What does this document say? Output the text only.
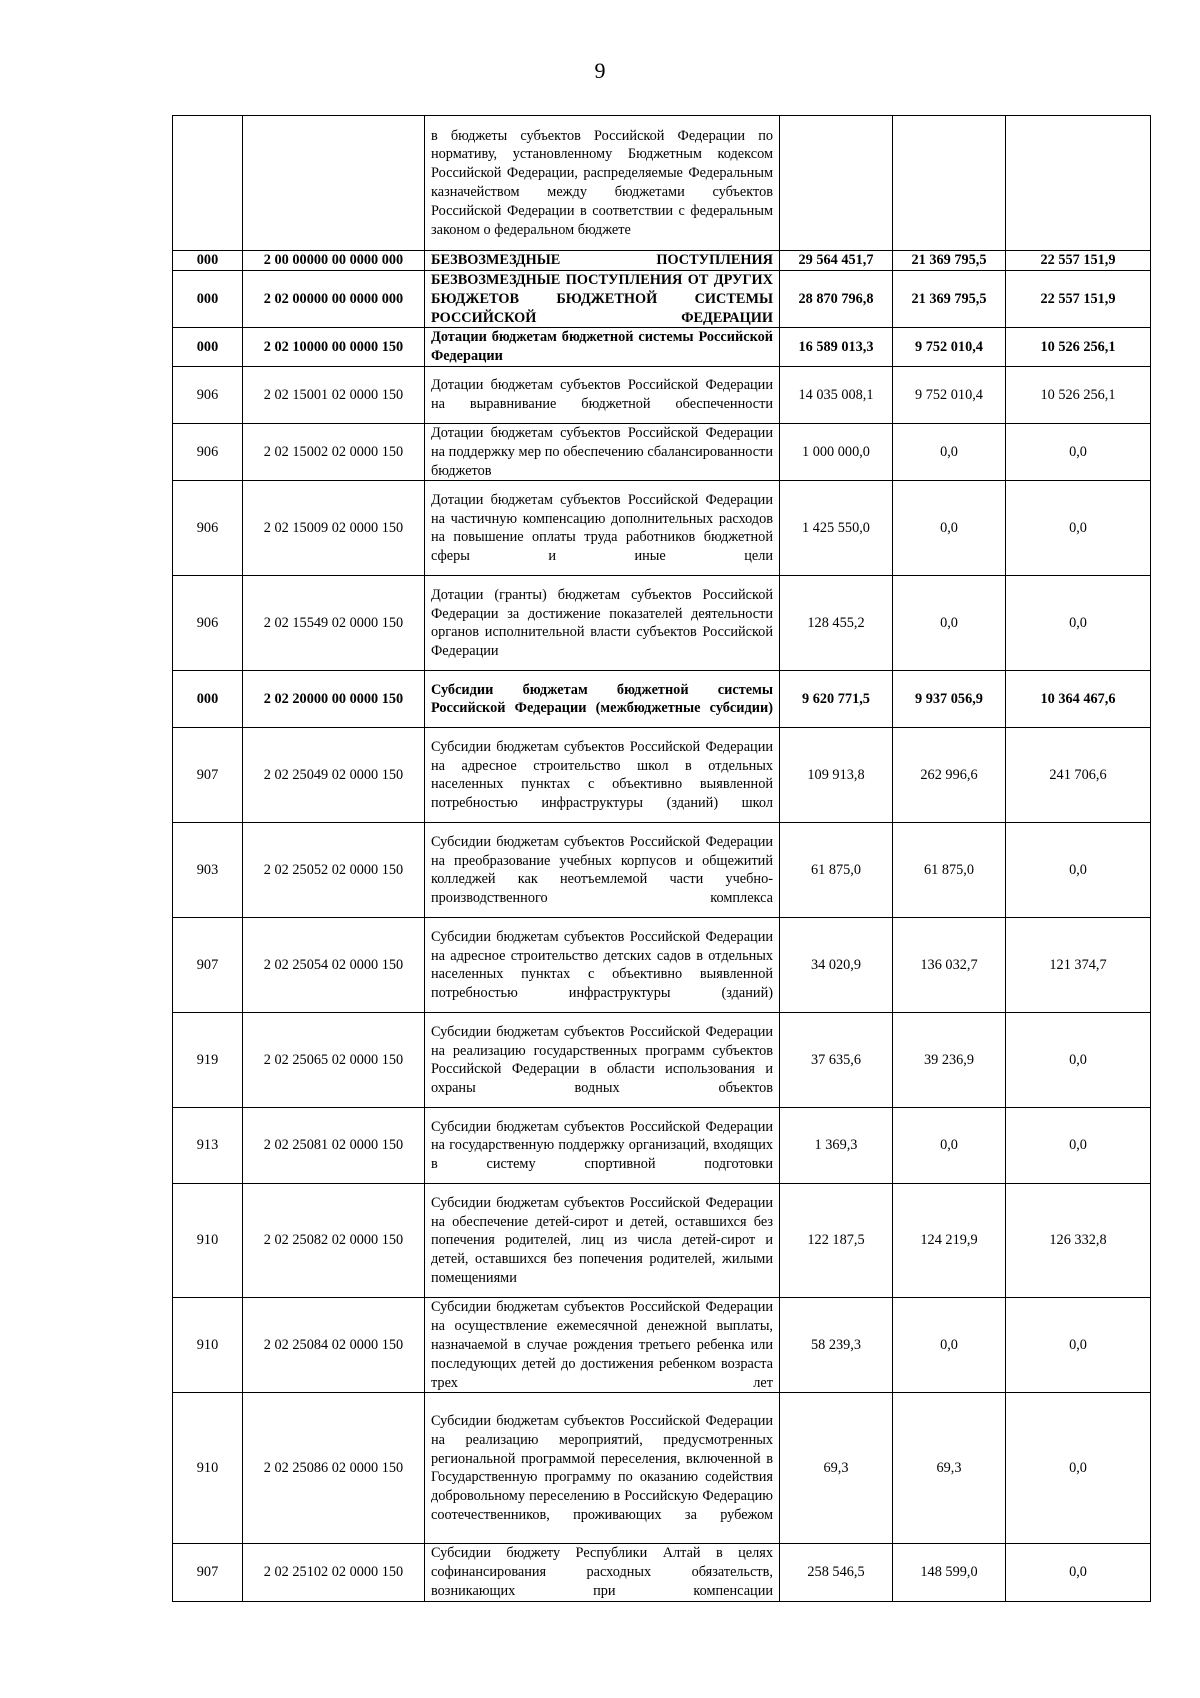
9
		в бюджеты субъектов Российской Федерации по нормативу, установленному Бюджетным кодексом Российской Федерации, распределяемые Федеральным казначейством между бюджетами субъектов Российской Федерации в соответствии с федеральным законом о федеральном бюджете			
000	2 00 00000 00 0000 000	БЕЗВОЗМЕЗДНЫЕ ПОСТУПЛЕНИЯ	29 564 451,7	21 369 795,5	22 557 151,9
000	2 02 00000 00 0000 000	БЕЗВОЗМЕЗДНЫЕ ПОСТУПЛЕНИЯ ОТ ДРУГИХ БЮДЖЕТОВ БЮДЖЕТНОЙ СИСТЕМЫ РОССИЙСКОЙ ФЕДЕРАЦИИ	28 870 796,8	21 369 795,5	22 557 151,9
000	2 02 10000 00 0000 150	Дотации бюджетам бюджетной системы Российской Федерации	16 589 013,3	9 752 010,4	10 526 256,1
906	2 02 15001 02 0000 150	Дотации бюджетам субъектов Российской Федерации на выравнивание бюджетной обеспеченности	14 035 008,1	9 752 010,4	10 526 256,1
906	2 02 15002 02 0000 150	Дотации бюджетам субъектов Российской Федерации на поддержку мер по обеспечению сбалансированности бюджетов	1 000 000,0	0,0	0,0
906	2 02 15009 02 0000 150	Дотации бюджетам субъектов Российской Федерации на частичную компенсацию дополнительных расходов на повышение оплаты труда работников бюджетной сферы и иные цели	1 425 550,0	0,0	0,0
906	2 02 15549 02 0000 150	Дотации (гранты) бюджетам субъектов Российской Федерации за достижение показателей деятельности органов исполнительной власти субъектов Российской Федерации	128 455,2	0,0	0,0
000	2 02 20000 00 0000 150	Субсидии бюджетам бюджетной системы Российской Федерации (межбюджетные субсидии)	9 620 771,5	9 937 056,9	10 364 467,6
907	2 02 25049 02 0000 150	Субсидии бюджетам субъектов Российской Федерации на адресное строительство школ в отдельных населенных пунктах с объективно выявленной потребностью инфраструктуры (зданий) школ	109 913,8	262 996,6	241 706,6
903	2 02 25052 02 0000 150	Субсидии бюджетам субъектов Российской Федерации на преобразование учебных корпусов и общежитий колледжей как неотъемлемой части учебно-производственного комплекса	61 875,0	61 875,0	0,0
907	2 02 25054 02 0000 150	Субсидии бюджетам субъектов Российской Федерации на адресное строительство детских садов в отдельных населенных пунктах с объективно выявленной потребностью инфраструктуры (зданий)	34 020,9	136 032,7	121 374,7
919	2 02 25065 02 0000 150	Субсидии бюджетам субъектов Российской Федерации на реализацию государственных программ субъектов Российской Федерации в области использования и охраны водных объектов	37 635,6	39 236,9	0,0
913	2 02 25081 02 0000 150	Субсидии бюджетам субъектов Российской Федерации на государственную поддержку организаций, входящих в систему спортивной подготовки	1 369,3	0,0	0,0
910	2 02 25082 02 0000 150	Субсидии бюджетам субъектов Российской Федерации на обеспечение детей-сирот и детей, оставшихся без попечения родителей, лиц из числа детей-сирот и детей, оставшихся без попечения родителей, жилыми помещениями	122 187,5	124 219,9	126 332,8
910	2 02 25084 02 0000 150	Субсидии бюджетам субъектов Российской Федерации на осуществление ежемесячной денежной выплаты, назначаемой в случае рождения третьего ребенка или последующих детей до достижения ребенком возраста трех лет	58 239,3	0,0	0,0
910	2 02 25086 02 0000 150	Субсидии бюджетам субъектов Российской Федерации на реализацию мероприятий, предусмотренных региональной программой переселения, включенной в Государственную программу по оказанию содействия добровольному переселению в Российскую Федерацию соотечественников, проживающих за рубежом	69,3	69,3	0,0
907	2 02 25102 02 0000 150	Субсидии бюджету Республики Алтай в целях софинансирования расходных обязательств, возникающих при компенсации	258 546,5	148 599,0	0,0
